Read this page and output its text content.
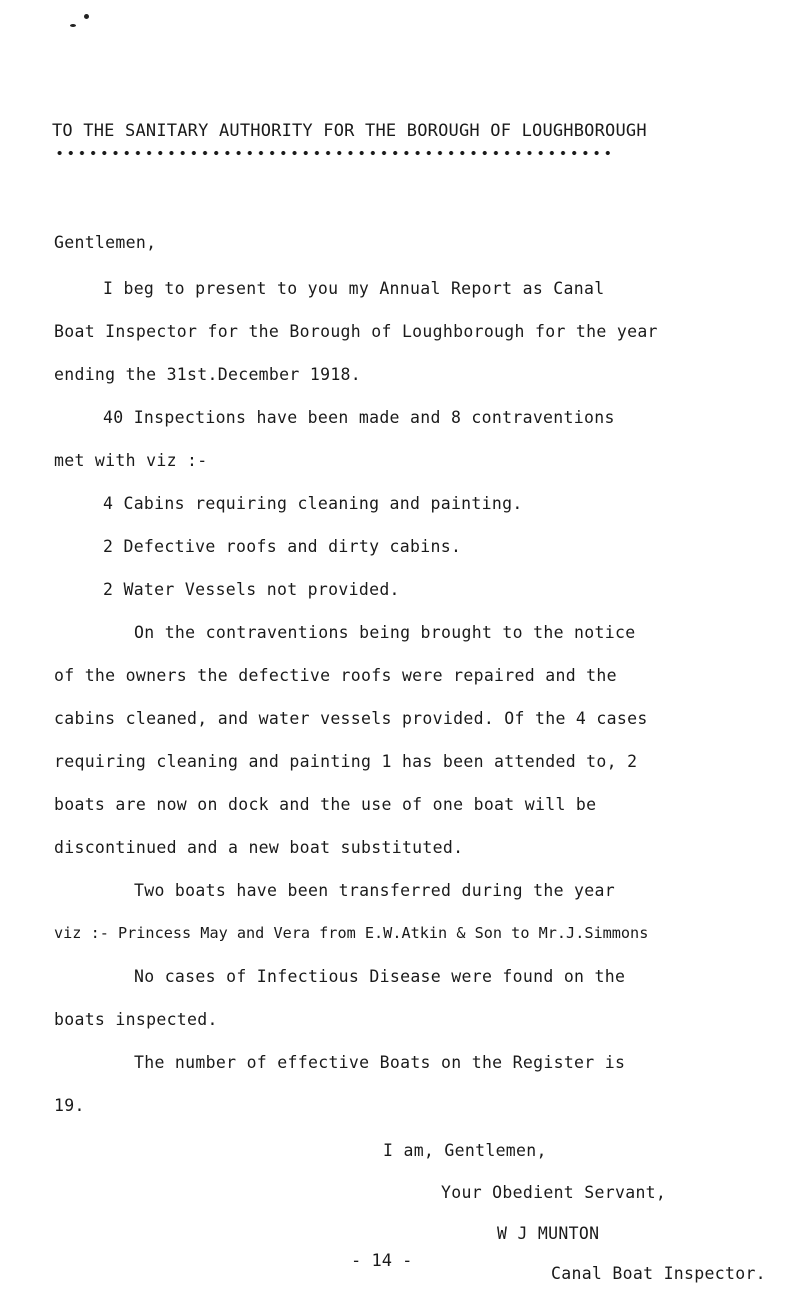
TO THE SANITARY AUTHORITY FOR THE BOROUGH OF LOUGHBOROUGH
Gentlemen,
I beg to present to you my Annual Report as Canal
Boat Inspector for the Borough of Loughborough for the year
ending the 31st.December 1918.
40 Inspections have been made and 8 contraventions
met with viz :-
4 Cabins requiring cleaning and painting.
2 Defective roofs and dirty cabins.
2 Water Vessels not provided.
On the contraventions being brought to the notice
of the owners the defective roofs were repaired and the
cabins cleaned, and water vessels provided. Of the 4 cases
requiring cleaning and painting 1 has been attended to, 2
boats are now on dock and the use of one boat will be
discontinued and a new boat substituted.
Two boats have been transferred during the year
viz :- Princess May and Vera from E.W.Atkin & Son to Mr.J.Simmons
No cases of Infectious Disease were found on the
boats inspected.
The number of effective Boats on the Register is
19.
I am, Gentlemen,
Your Obedient Servant,
W J MUNTON
Canal Boat Inspector.
- 14 -
